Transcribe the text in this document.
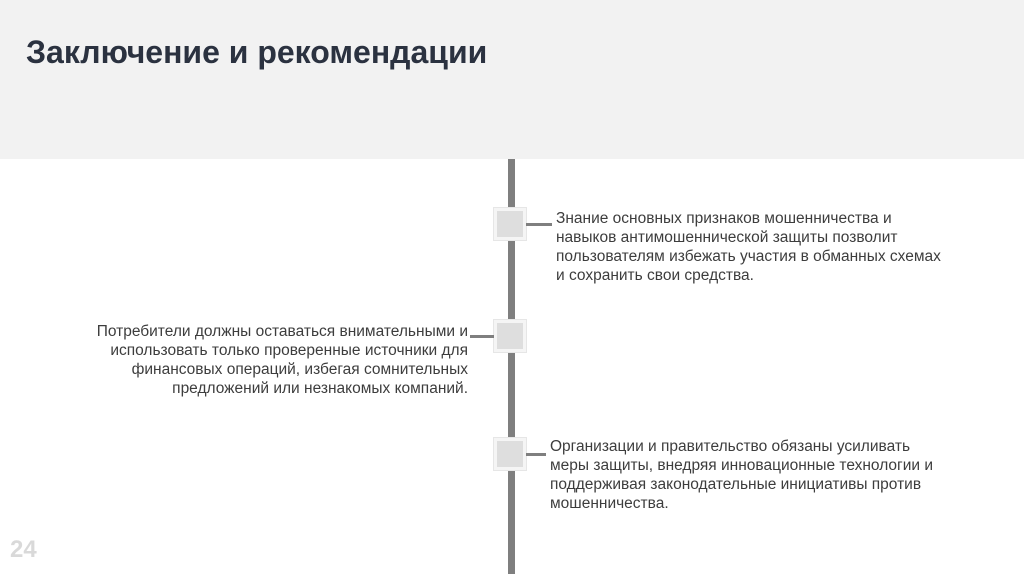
Заключение и рекомендации
Знание основных признаков мошенничества и
навыков антимошеннической защиты позволит
пользователям избежать участия в обманных схемах
и сохранить свои средства.
Потребители должны оставаться внимательными и
использовать только проверенные источники для
финансовых операций, избегая сомнительных
предложений или незнакомых компаний.
Организации и правительство обязаны усиливать
меры защиты, внедряя инновационные технологии и
поддерживая законодательные инициативы против
мошенничества.
24
